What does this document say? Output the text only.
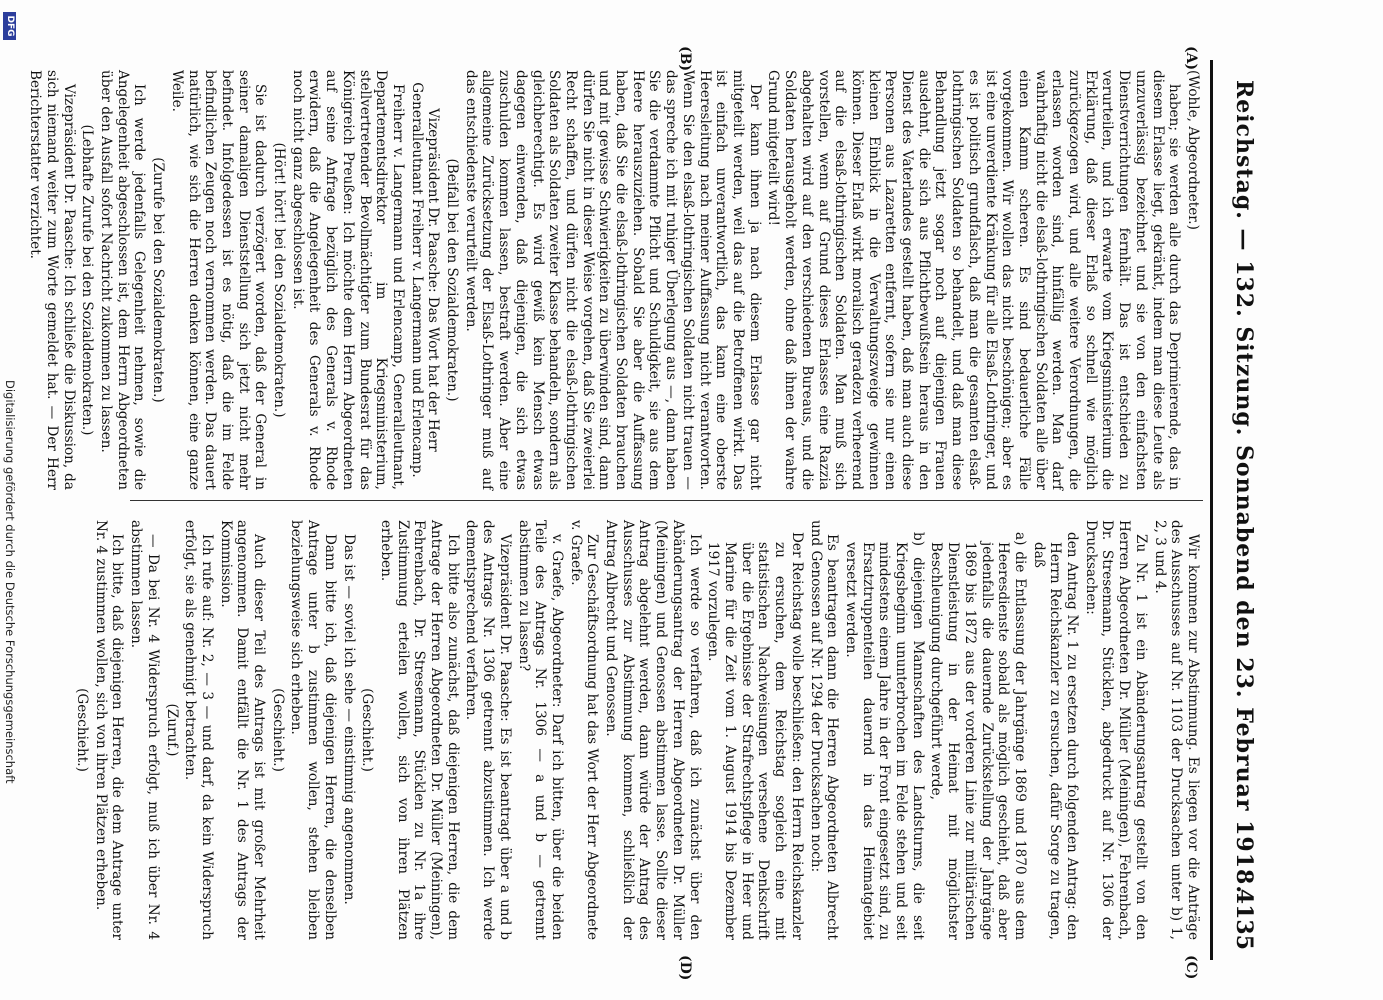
Reichstag. — 132. Sitzung. Sonnabend den 23. Februar 1918.
4135
(A)
(B)
(C)
(D)

(Wohle, Abgeordneter.)

haben; sie werden alle durch das Deprimierende, das in diesem Erlasse liegt, gekränkt, indem man diese Leute als unzuverlässig bezeichnet und sie von den einfachsten Dienstverrichtungen fernhält. Das ist entschieden zu verurteilen, und ich erwarte vom Kriegsministerium die Erklärung, daß dieser Erlaß so schnell wie möglich zurückgezogen wird, und alle weitere Verordnungen, die erlassen worden sind, hinfällig werden. Man darf wahrhaftig nicht die elsaß-lothringischen Soldaten alle über einen Kamm scheren. Es sind bedauerliche Fälle vorgekommen. Wir wollen das nicht beschönigen; aber es ist eine unverdiente Kränkung für alle Elsaß-Lothringer, und es ist politisch grundfalsch, daß man die gesamten elsaß-lothringischen Soldaten so behandelt, und daß man diese Behandlung jetzt sogar noch auf diejenigen Frauen ausdehnt, die sich aus Pflichtbewußtsein heraus in den Dienst des Vaterlandes gestellt haben, daß man auch diese Personen aus Lazaretten entfernt, sofern sie nur einen kleinen Einblick in die Verwaltungszweige gewinnen können. Dieser Erlaß wirkt moralisch geradezu verheerend auf die elsaß-lothringischen Soldaten. Man muß sich vorstellen, wenn auf Grund dieses Erlasses eine Razzia abgehalten wird auf den verschiedenen Bureaus, und die Soldaten herausgeholt werden, ohne daß ihnen der wahre Grund mitgeteilt wird!

Der kann ihnen ja nach diesem Erlasse gar nicht mitgeteilt werden, weil das auf die Betroffenen wirkt. Das ist einfach unverantwortlich, das kann eine oberste Heeresleitung nach meiner Auffassung nicht verantworten. Wenn Sie den elsaß-lothringischen Soldaten nicht trauen — das spreche ich mit ruhiger Überlegung aus —, dann haben Sie die verdammte Pflicht und Schuldigkeit, sie aus dem Heere herauszuziehen. Sobald Sie aber die Auffassung haben, daß Sie die elsaß-lothringischen Soldaten brauchen und mit gewisse Schwierigkeiten zu überwinden sind, dann dürfen Sie nicht in dieser Weise vorgehen, daß Sie zweierlei Recht schaffen, und dürfen nicht die elsaß-lothringischen Soldaten als Soldaten zweiter Klasse behandeln, sondern als gleichberechtigt. Es wird gewiß kein Mensch etwas dagegen einwenden, daß diejenigen, die sich etwas zuschulden kommen lassen, bestraft werden. Aber eine allgemeine Zurücksetzung der Elsaß-Lothringer muß auf das entschiedenste verurteilt werden.

(Beifall bei den Sozialdemokraten.)

Vizepräsident Dr. Paasche: Das Wort hat der Herr Generalleutnant Freiherr v. Langermann und Erlencamp.

Freiherr v. Langermann und Erlencamp, Generalleutnant, Departementsdirektor im Kriegsministerium, stellvertretender Bevollmächtigter zum Bundesrat für das Königreich Preußen: Ich möchte dem Herrn Abgeordneten auf seine Anfrage bezüglich des Generals v. Rhode erwidern, daß die Angelegenheit des Generals v. Rhode noch nicht ganz abgeschlossen ist.

(Hört! hört! bei den Sozialdemokraten.)

Sie ist dadurch verzögert worden, daß der General in seiner damaligen Dienststellung sich jetzt nicht mehr befindet. Infolgedessen ist es nötig, daß die im Felde befindlichen Zeugen noch vernommen werden. Das dauert natürlich, wie sich die Herren denken können, eine ganze Weile.

(Zurufe bei den Sozialdemokraten.)

Ich werde jedenfalls Gelegenheit nehmen, sowie die Angelegenheit abgeschlossen ist, dem Herrn Abgeordneten über den Ausfall sofort Nachricht zukommen zu lassen.

(Lebhafte Zurufe bei den Sozialdemokraten.)

Vizepräsident Dr. Paasche: Ich schließe die Diskussion, da sich niemand weiter zum Worte gemeldet hat. — Der Herr Berichterstatter verzichtet.

Wir kommen zur Abstimmung. Es liegen vor die Anträge des Ausschusses auf Nr. 1103 der Drucksachen unter b) 1, 2, 3 und 4.

Zu Nr. 1 ist ein Abänderungsantrag gestellt von den Herren Abgeordneten Dr. Müller (Meiningen), Fehrenbach, Dr. Stresemann, Stücklen, abgedruckt auf Nr. 1306 der Drucksachen:

den Antrag Nr. 1 zu ersetzen durch folgenden Antrag: den Herrn Reichskanzler zu ersuchen, dafür Sorge zu tragen, daß

a) die Entlassung der Jahrgänge 1869 und 1870 aus dem Heeresdienste sobald als möglich geschieht, daß aber jedenfalls die dauernde Zurückstellung der Jahrgänge 1869 bis 1872 aus der vorderen Linie zur militärischen Dienstleistung in der Heimat mit möglichster Beschleunigung durchgeführt werde,

b) diejenigen Mannschaften des Landsturms, die seit Kriegsbeginn ununterbrochen im Felde stehen und seit mindestens einem Jahre in der Front eingesetzt sind, zu Ersatztruppenteilen dauernd in das Heimatgebiet versetzt werden.

Es beantragen dann die Herren Abgeordneten Albrecht und Genossen auf Nr. 1294 der Drucksachen noch:

Der Reichstag wolle beschließen: den Herrn Reichskanzler zu ersuchen, dem Reichstag sogleich eine mit statistischen Nachweisungen versehene Denkschrift über die Ergebnisse der Strafrechtspflege in Heer und Marine für die Zeit vom 1. August 1914 bis Dezember 1917 vorzulegen.

Ich werde so verfahren, daß ich zunächst über den Abänderungsantrag der Herren Abgeordneten Dr. Müller (Meiningen) und Genossen abstimmen lasse. Sollte dieser Antrag abgelehnt werden, dann würde der Antrag des Ausschusses zur Abstimmung kommen, schließlich der Antrag Albrecht und Genossen.

Zur Geschäftsordnung hat das Wort der Herr Abgeordnete v. Graefe.

v. Graefe, Abgeordneter: Darf ich bitten, über die beiden Teile des Antrags Nr. 1306 — a und b — getrennt abstimmen zu lassen?

Vizepräsident Dr. Paasche: Es ist beantragt über a und b des Antrags Nr. 1306 getrennt abzustimmen. Ich werde dementsprechend verfahren.

Ich bitte also zunächst, daß diejenigen Herren, die dem Antrage der Herren Abgeordneten Dr. Müller (Meiningen), Fehrenbach, Dr. Stresemann, Stücklen zu Nr. 1a ihre Zustimmung erteilen wollen, sich von ihren Plätzen erheben.

(Geschieht.)

Das ist — soviel ich sehe — einstimmig angenommen.

Dann bitte ich, daß diejenigen Herren, die denselben Antrage unter b zustimmen wollen, stehen bleiben beziehungsweise sich erheben.

(Geschieht.)

Auch dieser Teil des Antrags ist mit großer Mehrheit angenommen. Damit entfällt die Nr. 1 des Antrags der Kommission.

Ich rufe auf: Nr. 2, — 3 — und darf, da kein Widerspruch erfolgt, sie als genehmigt betrachten.

(Zuruf.)

— Da bei Nr. 4 Widerspruch erfolgt, muß ich über Nr. 4 abstimmen lassen.

Ich bitte, daß diejenigen Herren, die dem Antrage unter Nr. 4 zustimmen wollen, sich von ihren Plätzen erheben.

(Geschieht.)

DFG
Digitalisierung gefördert durch die Deutsche Forschungsgemeinschaft
